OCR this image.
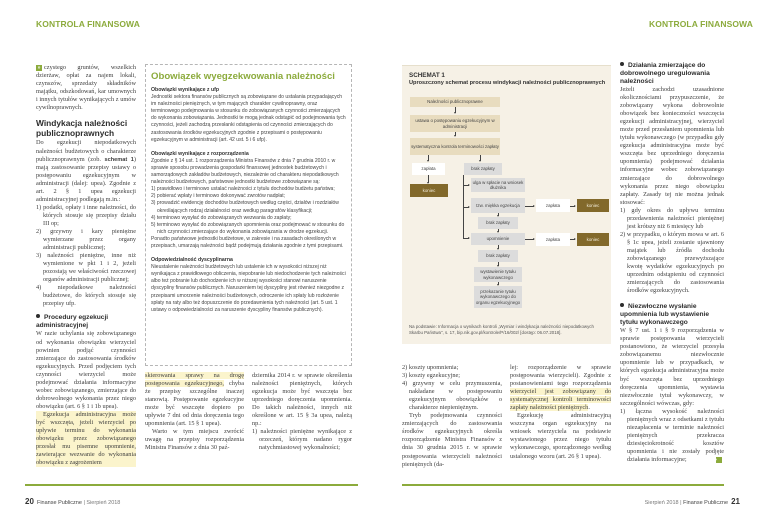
KONTROLA FINANSOWA

» czystego gruntów, wszelkich dzierżaw, opłat za najem lokali, czynszów, sprzedaży składników majątku, odszkodowań, kar umownych i innych tytułów wynikających z umów cywilnoprawnych.

Windykacja należności publicznoprawnych

Do egzekucji niepodatkowych należności budżetowych o charakterze publicznoprawnym (zob. schemat 1) mają zastosowanie przepisy ustawy o postępowaniu egzekucyjnym w administracji (dalej: upea). Zgodnie z art. 2 § 1 upea egzekucji administracyjnej podlegają m.in.:

1) podatki, opłaty i inne należności, do których stosuje się przepisy działu III op;
2) grzywny i kary pieniężne wymierzane przez organy administracji publicznej;
3) należności pieniężne, inne niż wymienione w pkt 1 i 2, jeżeli pozostają we właściwości rzeczowej organów administracji publicznej;
4) niepodatkowe należności budżetowe, do których stosuje się przepisy ufp.
Procedury egzekucji administracyjnej

W razie uchylania się zobowiązanego od wykonania obowiązku wierzyciel powinien podjąć czynności zmierzające do zastosowania środków egzekucyjnych. Przed podjęciem tych czynności wierzyciel może podejmować działania informacyjne wobec zobowiązanego, zmierzające do dobrowolnego wykonania przez niego obowiązku (art. 6 § 1 i 1b upea).

Egzekucja administracyjna może być wszczęta, jeżeli wierzyciel po upływie terminu do wykonania obowiązku przez zobowiązanego przesłał mu pisemne upomnienie, zawierające wezwanie do wykonania obowiązku z zagrożeniem

Obowiązek wyegzekwowania należności
Obowiązki wynikające z ufp

Jednostki sektora finansów publicznych są zobowiązane do ustalania przypadających im należności pieniężnych, w tym mających charakter cywilnoprawny, oraz terminowego podejmowania w stosunku do zobowiązanych czynności zmierzających do wykonania zobowiązania. Jednostki te mogą jednak odstąpić od podejmowania tych czynności, jeżeli zachodzą przesłanki odstąpienia od czynności zmierzających do zastosowania środków egzekucyjnych zgodnie z przepisami o postępowaniu egzekucyjnym w administracji (art. 42 ust. 5 i 6 ufp).

Obowiązki wynikające z rozporządzenia

Zgodnie z § 14 ust. 1 rozporządzenia Ministra Finansów z dnia 7 grudnia 2010 r. w sprawie sposobu prowadzenia gospodarki finansowej jednostek budżetowych i samorządowych zakładów budżetowych, niezależnie od charakteru niepodatkowych należności budżetowych, państwowe jednostki budżetowe zobowiązane są:

1) prawidłowo i terminowo ustalać należności z tytułu dochodów budżetu państwa;
2) pobierać wpłaty i terminowo dokonywać zwrotów nadpłat;
3) prowadzić ewidencję dochodów budżetowych według części, działów i rozdziałów określających rodzaj działalności oraz według paragrafów klasyfikacji;
4) terminowo wysyłać do zobowiązanych wezwania do zapłaty;
5) terminowo wysyłać do zobowiązanych upomnienia oraz podejmować w stosunku do nich czynności zmierzające do wykonania zobowiązania w drodze egzekucji.

Ponadto państwowe jednostki budżetowe, w zakresie i na zasadach określonych w przepisach, umarzają należności bądź podejmują działania zgodnie z tymi przepisami.

Odpowiedzialność dyscyplinarna

Nieustalenie należności budżetowych lub ustalenie ich w wysokości niższej niż wynikająca z prawidłowego obliczenia, niepobranie lub niedochodzenie tych należności albo też pobranie lub dochodzenie ich w niższej wysokości stanowi naruszenie dyscypliny finansów publicznych. Naruszeniem tej dyscypliny jest również niezgodne z przepisami umorzenie należności budżetowych, odroczenie ich spłaty lub rozłożenie spłaty na raty albo też dopuszczenie do przedawnienia tych należności (art. 5 ust. 1 ustawy o odpowiedzialności za naruszenie dyscypliny finansów publicznych).

skierowania sprawy na drogę postępowania egzekucyjnego, chyba że przepisy szczególne inaczej stanowią. Postępowanie egzekucyjne może być wszczęte dopiero po upływie 7 dni od dnia doręczenia tego upomnienia (art. 15 § 1 upea).

Warto w tym miejscu zwrócić uwagę na przepisy rozporządzenia Ministra Finansów z dnia 30 paź-

dziernika 2014 r. w sprawie określenia należności pieniężnych, których egzekucja może być wszczęta bez uprzedniego doręczenia upomnienia. Do takich należności, innych niż określone w art. 15 § 3a upea, należą np.:

1) należności pieniężne wynikające z orzeczeń, którym nadano rygor natychmiastowej wykonalności;
20 Finanse Publiczne | Sierpień 2018
KONTROLA FINANSOWA
SCHEMAT 1
Uproszczony schemat procesu windykacji należności publicznoprawnych
Należności publicznoprawne
ustawa o postępowaniu egzekucyjnym w administracji
systematyczna kontrola terminowości zapłaty
zapłata	brak zapłaty
koniec
ulga w spłacie na wniosek dłużnika
tzw. miękka egzekucja	zapłata	koniec
brak zapłaty
upomnienie	zapłata	koniec
brak zapłaty
wystawienie tytułu wykonawczego
przekazanie tytułu wykonawczego do organu egzekucyjnego
Na podstawie: Informacja o wynikach kontroli „Wymiar i windykacja należności niepodatkowych Skarbu Państwa", s. 17, bip.nik.gov.pl/kontrole/P/16/002/ [dostęp: 06.07.2018].
2) koszty upomnienia;
3) koszty egzekucyjne;
4) grzywny w celu przymuszenia, nakładane w postępowaniu egzekucyjnym obowiązków o charakterze niepieniężnym.

Tryb podejmowania czynności zmierzających do zastosowania środków egzekucyjnych określa rozporządzenie Ministra Finansów z dnia 30 grudnia 2015 r. w sprawie postępowania wierzycieli należności pieniężnych (da-

lej: rozporządzenie w sprawie postępowania wierzycieli). Zgodnie z postanowieniami tego rozporządzenia wierzyciel jest zobowiązany do systematycznej kontroli terminowości zapłaty należności pieniężnych.

Egzekucję administracyjną wszczyna organ egzekucyjny na wniosek wierzyciela na podstawie wystawionego przez niego tytułu wykonawczego, sporządzonego według ustalonego wzoru (art. 26 § 1 upea).

Działania zmierzające do dobrowolnego uregulowania należności

Jeżeli zachodzi uzasadnione okolicznościami przypuszczenie, że zobowiązany wykona dobrowolnie obowiązek bez konieczności wszczęcia egzekucji administracyjnej, wierzyciel może przed przesłaniem upomnienia lub tytułu wykonawczego (w przypadku gdy egzekucja administracyjna może być wszczęta bez uprzedniego doręczenia upomnienia) podejmować działania informacyjne wobec zobowiązanego zmierzające do dobrowolnego wykonania przez niego obowiązku zapłaty. Zasady tej nie można jednak stosować:

1) gdy okres do upływu terminu przedawnienia należności pieniężnej jest krótszy niż 6 miesięcy lub
2) w przypadku, o którym mowa w art. 6 § 1c upea, jeżeli zostanie ujawniony majątek lub źródła dochodu zobowiązanego przewyższające kwotę wydatków egzekucyjnych po uprzednim odstąpieniu od czynności zmierzających do zastosowania środków egzekucyjnych.
Niezwłoczne wysłanie upomnienia lub wystawienie tytułu wykonawczego

W § 7 ust. 1 i § 9 rozporządzenia w sprawie postępowania wierzycieli postanowiono, że wierzyciel przesyła zobowiązanemu niezwłocznie upomnienie lub w przypadkach, w których egzekucja administracyjna może być wszczęta bez uprzedniego doręczenia upomnienia, wystawia niezwłocznie tytuł wykonawczy, w szczególności wówczas, gdy:

1) łączna wysokość należności pieniężnych wraz z odsetkami z tytułu niezapłacenia w terminie należności pieniężnych przekracza dziesięciokrotność kosztów upomnienia i nie zostały podjęte działania informacyjne;	»
Sierpień 2018 | Finanse Publiczne 21
